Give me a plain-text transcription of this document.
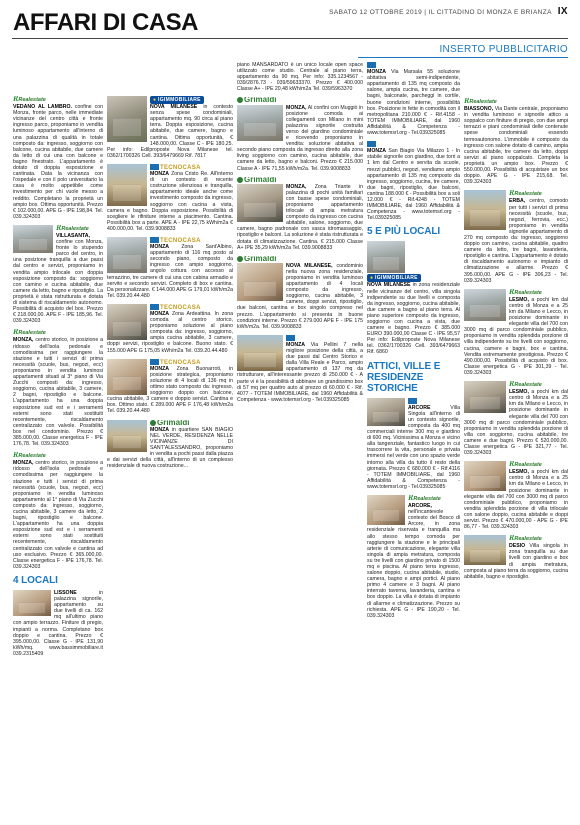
AFFARI DI CASA	SABATO 12 OTTOBRE 2019 | IL CITTADINO DI MONZA E BRIANZA IX
INSERTO PUBBLICITARIO
RRealestate
VEDANO AL LAMBRO. confine con Monza, fronte parco, nelle immediate vicinanze del centro città e fronte ingresso parco, proponiamo in vendita luminoso appartamento all'interno di una palazzina di qualità in totale composto da: ingresso, soggiorno con balcone, cucina abitabile, due camere da letto di cui una con balcone e bagno finestrato. L'appartamento è dotato di doppia esposizione e cantinata. Data la vicinanza con l'ospedale e con il polo universitario la casa è molto appetibile come investimento per chi vuole messo a reddito. Completano la proprietà un ampio box. Ottima opportunità. Prezzo € 102.000,00. APE G - IPE 198,84. Tel. 039.324303
RRealestate
VILLASANTA, confine con Monza, fronte lo stupendo parco del centro, in una posizione tranquilla a due passi dal centro e servizi, proponiamo in vendita ampio trilocale con doppia esposizione composto da: soggiorno con camino e cucina abitabile, due camere da letto, bagno e ripostiglio. La proprietà è stata ristrutturata e dotata di sistema di riscaldamento autonomo. Possibilità di acquisto del box. Prezzo € 218.000,00. APE F - IPE 185,96. Tel. 039.324303
RRealestate
MONZA, centro storico, in posizione a ridosso dell'isola pedonale e comodissima per raggiungere la stazione e tutti i servizi di prima necessità (scuole, bus, negozi, ecc) proponiamo in vendita luminosi appartamenti situati al 3° piano di Via Zucchi composti da: ingresso, soggiorno, cucina abitabile, 3 camere, 2 bagni, ripostiglio e balcone. L'appartamento ha una doppia esposizione sud est e i serramenti esterni sono stati sostituiti recentemente, riscaldamento centralizzato con valvole. Possibilità box nel condominio. Prezzo € 385.000,00. Classe energetica F - IPE 176,78. Tel. 039.324303
RRealestate
MONZA, centro storico, in posizione a ridosso dell'isola pedonale e comodissima per raggiungere la stazione e tutti i servizi di prima necessità (scuole, bus, negozi, ecc) proponiamo in vendita luminoso appartamento al 1° piano di Via Zucchi composto da: ingresso, soggiorno, cucina abitabile, 3 camere da letto, 2 bagni, ripostiglio e balcone. L'appartamento ha una doppia esposizione sud est e i serramenti esterni sono stati sostituiti recentemente, riscaldamento centralizzato con valvole e cantina ad uso esclusivo. Prezzo € 365.000,00. Classe energetica F - IPE 176,78. Tel. 039.324303
4 LOCALI
LISSONE	in palazzina signorile, appartamento su due livelli di ca. 162 mq all'ultimo piano con ampio terrazzo. Finiture di pregio, impianti a norma. Completano box doppio e cantina. Prezzo € 395.000,00. Classe G - IPE 131,90 kWh/mq. www.bassimmobiliare.it 039.2315409
● IGIMMOBILIARE
NOVA MILANESE in contesto senza spese condominiali, appartamento mq. 90 circa al piano terra. Doppia esposizione, cucina abitabile, due camere, bagno e cantina. Ottima opportunità, € 148.000,00. Classe C - IPE 180,25. Per info: Edilproposte Nova Milanese tel. 0362/1700326 Cell. 393/6479669 Rif. 7817
TECNOCASA
MONZA Zona Cristo Re. All'interno di un contesto di recente costruzione silenziosa e tranquilla, appartamento ideale anche come investimento composto da ingresso, soggiorno con cucina a vista, camera e bagno. Doppia esposizione. Possibilità di scegliere le rifiniture interne a piacimento. Cantina. Possibilità box a parte. APE A - IPE 22,75 kWh/m2a € 400.000,00. Tel. 039.9008833
TECNOCASA
MONZA Zona Sant'Albino, appartamento di 116 mq posto al secondo piano, composto da ingresso con ampio soggiorno, angolo cottura con accesso al terrazzino, tre camere di cui una con cabina armadio e servito e secondo servizi. Completo di box e cantina. Da personalizzare. € 144.000 APE G 179,01 kWh/m2a Tel. 039.20.44.480
TECNOCASA
MONZA Zona Ardeattina. In zona comoda al centro storico, proponiamo soluzione al piano composta da: ingresso, soggiorno, ampia cucina abitabile, 3 camere, doppi servizi, ripostiglio e balcone. Buono stato. € 155.000 APE G 175,05 kWh/m2a Tel. 039.20.44.480
TECNOCASA
MONZA Zona Buonarroti, in posizione strategica, proponiamo soluzione di 4 locali di 136 mq in ottimo stato composto da: ingresso, soggiorno doppio con balcone, cucina abitabile, 3 camere e doppio servizi. Cantina e box. Ottimo stato. € 289.000 APE F 176,48 kWh/m2a Tel. 039.20.44.480
Grimaldi
MONZA in quartiere SAN BIAGIO NEL VERDE, RESIDENZA NELLE VICINANZE DI SANT'ALESSANDRO, proponiamo in vendita a pochi passi dalla piazza e dai servizi della città, all'interno di un complesso residenziale di nuova costruzione...
piano MANSARDATO è un unico locale open space utilizzato come studio. Centrale al piano terra, appartamento da 90 mq. Per info: 335.1234567 - 039/2876.73 - 039/59633370. Prezzo € 400.000 Classe A+ - IPE 20,48 kWh/m2a Tel. 039/5963370
Grimaldi

MONZA, Al confini con Muggiò in posizione comoda ai collegamenti con Milano in mini palazzina signorile costruita verso del giardino condominiale e ricevendo proponiamo in vendita: soluzione abitativa al secondo piano composta da ingresso diretto alla zona living soggiorno con camino, cucina abitabile, due camere da letto, bagno e balconi. Prezzo € 215.000 Classe A - IPE 71,55 kWh/m2a. Tel. 039.9008833
Grimaldi

MONZA, Zona Triante in palazzina di pochi unità familiari con basse spese condominiali, proponiamo appartamento trilocale di ampia metratura composto da ingresso con cucina abitabile, salone, soggiorno, due camere, bagno padronale con vasca idromassaggio, ripostiglio e balconi. La soluzione è stata ristrutturata e dotata di climatizzazione. Cantina. € 215.000 Classe A+ IPE 35,29 kWh/m2a Tel. 039.9008833
Grimaldi

NOVA MILANESE, condominio nella nuova zona residenziale, proponiamo in vendita luminoso appartamento di 4 locali composto da ingresso, soggiorno, cucina abitabile, 3 camere, doppi servizi, ripostiglio, due balconi, cantina e box singolo compreso nel prezzo. L'appartamento si presenta in buone condizioni interne. Prezzo € 279.000 APE F - IPE 175 kWh/m2a. Tel. 039.9008833
MONZA Via Pellini 7 nella migliore posizione della città, a due passi dal Centro Storico e dalla Villa Reale e Parco, ampio appartamento di 137 mq da ristrutturare, all'interessante prezzo di 250.000 € - A parte vi è la possibilità di abbinare un grandissimo box di 57 mq per quattro auto al prezzo di 60.000 € - Rif. 4077 - TOTEM IMMOBILIARE, dal 1960 Affidabilità & Competenza - www.totemsrl.org - Tel.039325085
MONZA Via Marsala 55 soluzione abitativa semi-indipendente, appartamento di 135 mq composto da salone, ampia cucina, tre camere, due bagni, balconate, parcheggi in cortile, buone condizioni interne, possibilità box. Posizione in fette in comodità con il metropolitana 210.000 € - Rif.4158 - TOTEM IMMOBILIARE, dal 1960 Affidabilità & Competenza - www.totemsrl.org - Tel.039325085
MONZA San Biagio Via Milazzo 1 - In stabile signorile con giardino, due torri a 1 km dal Centro e servita da scuole, mezzi pubblici, negozi, vendiamo ampio appartamento di 135 mq composto da ingresso, soggiorno, cucina, tre camere, due bagni, ripostiglio, due balconi, cantina 188.000 € - Possibilità box a soli 12.000 € - Rif.4248 - TOTEM IMMOBILIARE, dal 1960 Affidabilità & Competenza - www.totemsrl.org - Tel.039325085
5 E PIÙ LOCALI
● IGIMMOBILIARE
NOVA MILANESE in zona residenziale nelle vicinanze del centro, villa singola indipendente su due livelli e composta da ingresso, soggiorno, cucina abitabile, due camere a bagno al piano terra. Al piano superiore composto da ingresso, soggiorno con cucina a vista, due camere e bagno. Prezzo € 385.000 EURO 390.000,00 Classe C - IPE 95,57 Per info: Edilproposte Nova Milanese tel. 0362/1700326 Cell. 393/6479663 Rif. 6860
ATTICI, VILLE E RESIDENZE STORICHE
ARCORE	Villa Singola all'interno di un contesto signorile, composta da 400 mq commerciali interne 300 mq e giardino di 600 mq. Vicinissima a Monza e vicino alla tangenziale, fantastico luogo in cui trascorrere la vita, personale e privata immersi nel verde con uno spazio verde intorno alla villa da tutto il resto della giornata. Prezzo € 680.000 € - Rif.4116 - TOTEM IMMOBILIARE, dal 1960 Affidabilità & Competenza - www.totemsrl.org - Tel.039325085
RRealestate
ARCORE, nell'incantevole contesto del Bosco di Arcore, in zona residenziale riservata e tranquilla ma allo stesso tempo comoda per raggiungere la stazione e le principali arterie di comunicazione, elegante villa singola di ampia metratura, composta su tre livelli con giardino privato di 1500 mq e piscina. Al piano terra ingresso, salone doppio, cucina abitabile, studio, camera, bagno e ampi portici. Al piano primo 4 camere e 3 bagni. Al piano interrato taverna, lavanderia, cantina e box doppio. La villa è dotata di impianto di allarme e climatizzazione. Prezzo su richiesta. APE G - IPE 190,20 - Tel. 039.324303
RRealestate
BIASSONO, Via Dante centrale, proponiamo in vendita luminoso e signorile attico a soppalco con finiture di pregio, con due ampi terrazzi e piani condominiali delle contenute spese condominiali essendo termoautonomo. L'immobile è composto da ingresso con salone dotato di camino, ampia cucina abitabile, tre camere da letto, doppi servizi al piano soppalcato. Completa la proprietà un ampio box. Prezzo € 550.000,00. Possibilità di acquistare un box doppio. APE G - IPE 215,68. Tel. 039.324303
RRealestate
ERBA, centro, comodo per tutti i servizi di prima necessità (scuole, bus, negozi, ferrovia, ecc.) proponiamo in vendita signorile appartamento di 270 mq composto da: ingresso, soggiorno doppio con camino, cucina abitabile, quattro camere da letto, tre bagni, lavanderia, ripostiglio e cantina. L'appartamento è dotato di riscaldamento autonomo e impianto di climatizzazione e allarme. Prezzo € 395.000,00. APE G - IPE 306,23 - Tel. 039.324303
RRealestate
LESMO, a pochi km dal centro di Monza e a 25 km da Milano e Lecco, in posizione dominante in elegante villa del 700 con 3000 mq di parco condominiale pubblico, proponiamo in vendita splendida porzione di villa indipendente su tre livelli con soggiorno, cucina, camere e bagni, box e cantina. Vendita estremamente prestigiosa. Prezzo € 490.000,00. Possibilità di acquisto di box. Classe energetica G - IPE 301,39 - Tel. 039.324303
RRealestate
LESMO, a pochi km dal centro di Monza e a 25 km da Milano e Lecco, in posizione dominante in elegante villa del 700 con 3000 mq di parco condominiale pubblico, proponiamo in vendita splendida porzione di villa con soggiorno, cucina abitabile, tre camere e due bagni. Prezzo € 520.000,00. Classe energetica G - IPE 321,77 - Tel. 039.324303
RRealestate
LESMO, a pochi km dal centro di Monza e a 25 km da Milano e Lecco, in posizione dominante in elegante villa del 700 con 3000 mq di parco condominiale pubblico, proponiamo in vendita splendida porzione di villa trilocale con salone doppio, cucina abitabile e doppi servizi. Prezzo € 470.000,00 - APE G - IPE 86,77 - Tel. 039.324303
RRealestate
DESIO Villa singola in zona tranquilla su due livelli con giardino e box di ampia metratura, composta al piano terra da soggiorno, cucina abitabile, bagno e ripostiglio.
